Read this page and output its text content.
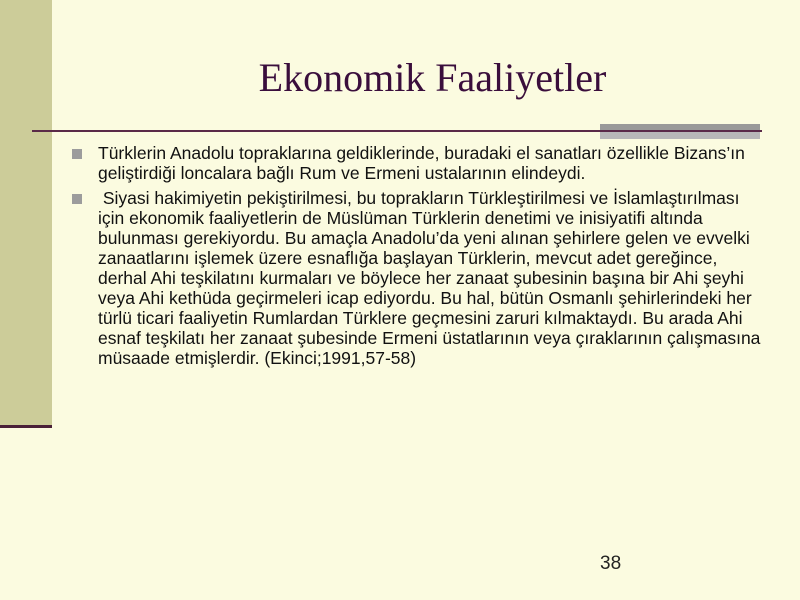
Ekonomik Faaliyetler
Türklerin Anadolu topraklarına geldiklerinde, buradaki el sanatları özellikle Bizans’ın geliştirdiği loncalara bağlı Rum ve Ermeni ustalarının elindeydi.
Siyasi hakimiyetin pekiştirilmesi, bu toprakların Türkleştirilmesi ve İslamlaştırılması için ekonomik faaliyetlerin de Müslüman Türklerin denetimi ve inisiyatifi altında bulunması gerekiyordu. Bu amaçla Anadolu’da yeni alınan şehirlere gelen ve evvelki zanaatlarını işlemek üzere esnaflığa başlayan Türklerin, mevcut adet gereğince, derhal Ahi teşkilatını kurmaları ve böylece her zanaat şubesinin başına bir Ahi şeyhi veya Ahi kethüda geçirmeleri icap ediyordu. Bu hal, bütün Osmanlı şehirlerindeki her türlü ticari faaliyetin Rumlardan Türklere geçmesini zaruri kılmaktaydı. Bu arada Ahi esnaf teşkilatı her zanaat şubesinde Ermeni üstatlarının veya çıraklarının çalışmasına müsaade etmişlerdir. (Ekinci;1991,57-58)
38
